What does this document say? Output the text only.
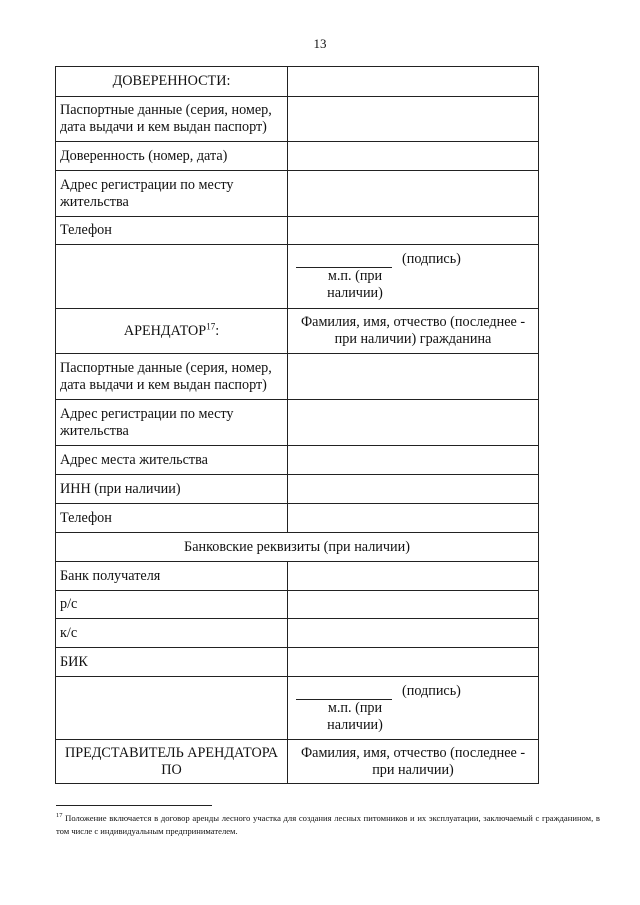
13
ДОВЕРЕННОСТИ:	
Паспортные данные (серия, номер, дата выдачи и кем выдан паспорт)	
Доверенность (номер, дата)	
Адрес регистрации по месту жительства	
Телефон	

	(подпись)
м.п. (при наличии)

АРЕНДАТОР$^{17}$:	Фамилия, имя, отчество (последнее - при наличии) гражданина
Паспортные данные (серия, номер, дата выдачи и кем выдан паспорт)	
Адрес регистрации по месту жительства	
Адрес места жительства	
ИНН (при наличии)	
Телефон	
Банковские реквизиты (при наличии)	
Банк получателя	
р/с	
к/с	
БИК	

	(подпись)
м.п. (при наличии)

ПРЕДСТАВИТЕЛЬ АРЕНДАТОРА ПО	Фамилия, имя, отчество (последнее - при наличии)
$^{17}$ Положение включается в договор аренды лесного участка для создания лесных питомников и их эксплуатации, заключаемый с гражданином, в том числе с индивидуальным предпринимателем.
